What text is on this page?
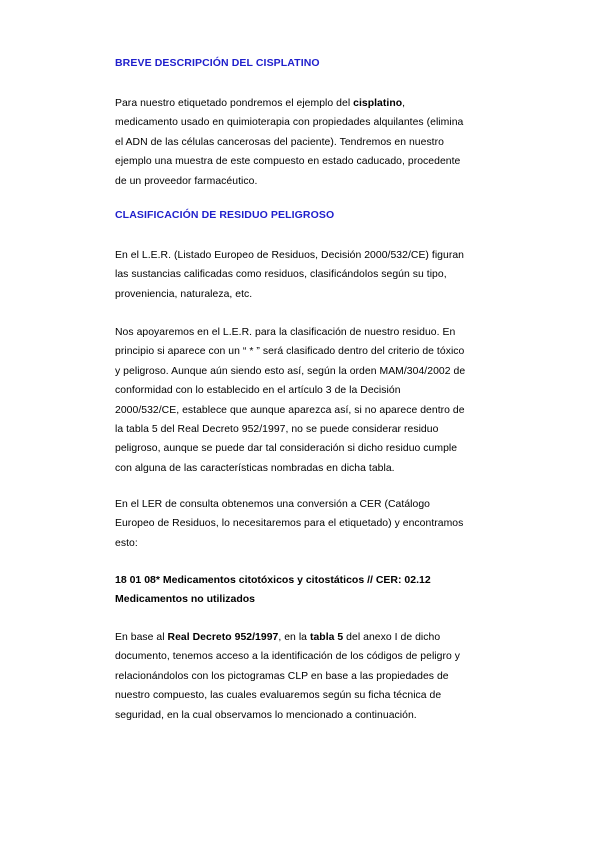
BREVE DESCRIPCIÓN DEL CISPLATINO
Para nuestro etiquetado pondremos el ejemplo del cisplatino,
medicamento usado en quimioterapia con propiedades alquilantes (elimina
el ADN de las células cancerosas del paciente). Tendremos en nuestro
ejemplo una muestra de este compuesto en estado caducado, procedente
de un proveedor farmacéutico.
CLASIFICACIÓN DE RESIDUO PELIGROSO
En el L.E.R. (Listado Europeo de Residuos, Decisión 2000/532/CE) figuran
las sustancias calificadas como residuos, clasificándolos según su tipo,
proveniencia, naturaleza, etc.
Nos apoyaremos en el L.E.R. para la clasificación de nuestro residuo. En
principio si aparece con un “ * ” será clasificado dentro del criterio de tóxico
y peligroso. Aunque aún siendo esto así, según la orden MAM/304/2002 de
conformidad con lo establecido en el artículo 3 de la Decisión
2000/532/CE, establece que aunque aparezca así, si no aparece dentro de
la tabla 5 del Real Decreto 952/1997, no se puede considerar residuo
peligroso, aunque se puede dar tal consideración si dicho residuo cumple
con alguna de las características nombradas en dicha tabla.
En el LER de consulta obtenemos una conversión a CER (Catálogo
Europeo de Residuos, lo necesitaremos para el etiquetado) y encontramos
esto:
18 01 08* Medicamentos citotóxicos y citostáticos // CER: 02.12
Medicamentos no utilizados
En base al Real Decreto 952/1997, en la tabla 5 del anexo I de dicho
documento, tenemos acceso a la identificación de los códigos de peligro y
relacionándolos con los pictogramas CLP en base a las propiedades de
nuestro compuesto, las cuales evaluaremos según su ficha técnica de
seguridad, en la cual observamos lo mencionado a continuación.
